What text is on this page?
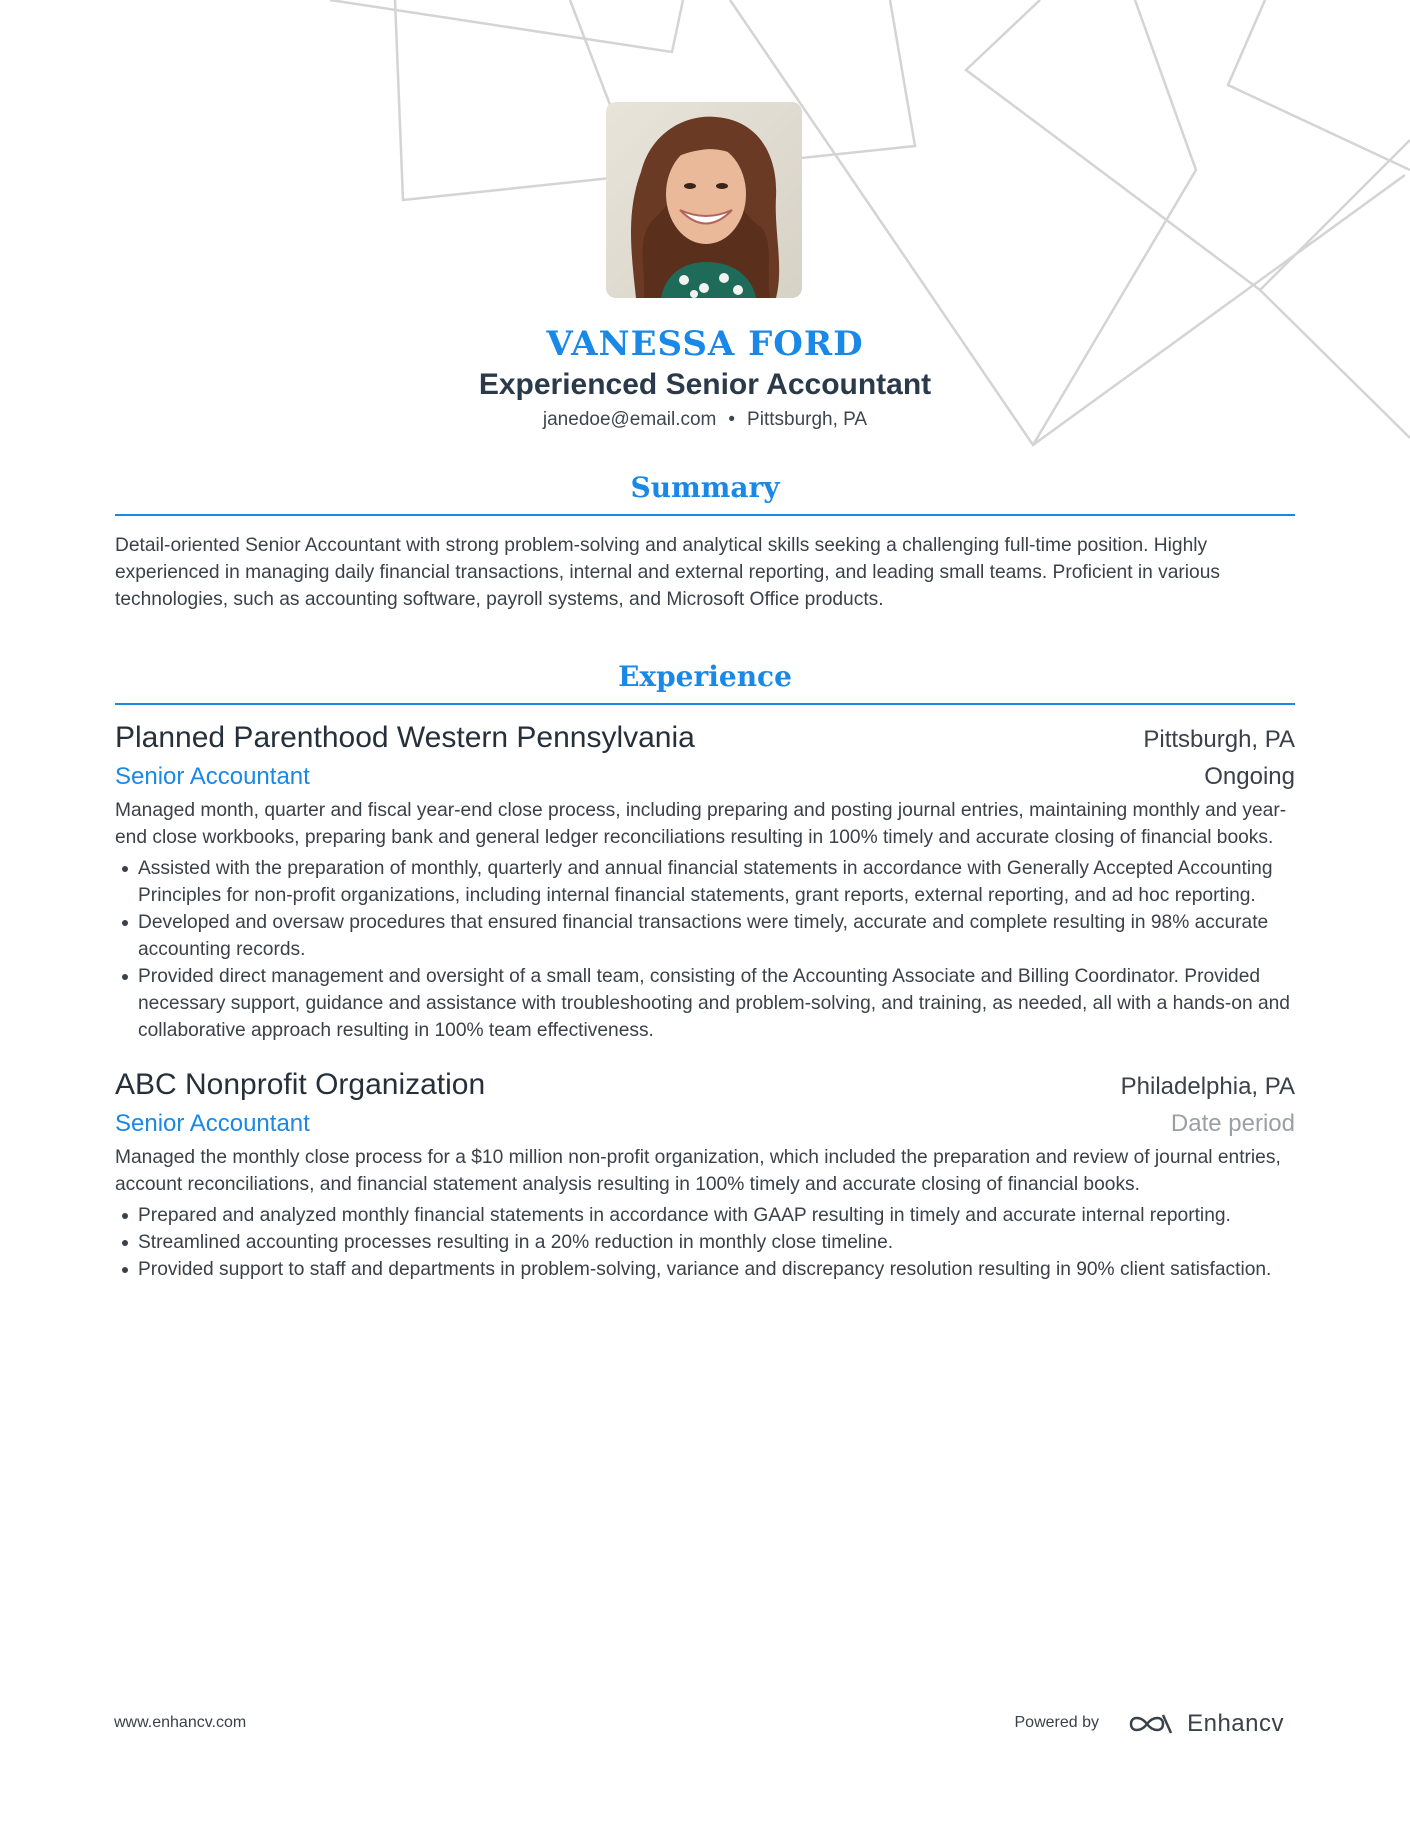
VANESSA FORD
Experienced Senior Accountant
janedoe@email.com • Pittsburgh, PA
Summary

Detail-oriented Senior Accountant with strong problem-solving and analytical skills seeking a challenging full-time position. Highly experienced in managing daily financial transactions, internal and external reporting, and leading small teams. Proficient in various technologies, such as accounting software, payroll systems, and Microsoft Office products.

Experience
Planned Parenthood Western Pennsylvania	Pittsburgh, PA
Senior Accountant	Ongoing
Managed month, quarter and fiscal year-end close process, including preparing and posting journal entries, maintaining monthly and year-end close workbooks, preparing bank and general ledger reconciliations resulting in 100% timely and accurate closing of financial books.
Assisted with the preparation of monthly, quarterly and annual financial statements in accordance with Generally Accepted Accounting Principles for non-profit organizations, including internal financial statements, grant reports, external reporting, and ad hoc reporting.
Developed and oversaw procedures that ensured financial transactions were timely, accurate and complete resulting in 98% accurate accounting records.
Provided direct management and oversight of a small team, consisting of the Accounting Associate and Billing Coordinator. Provided necessary support, guidance and assistance with troubleshooting and problem-solving, and training, as needed, all with a hands-on and collaborative approach resulting in 100% team effectiveness.
ABC Nonprofit Organization	Philadelphia, PA
Senior Accountant	Date period
Managed the monthly close process for a $10 million non-profit organization, which included the preparation and review of journal entries, account reconciliations, and financial statement analysis resulting in 100% timely and accurate closing of financial books.
Prepared and analyzed monthly financial statements in accordance with GAAP resulting in timely and accurate internal reporting.
Streamlined accounting processes resulting in a 20% reduction in monthly close timeline.
Provided support to staff and departments in problem-solving, variance and discrepancy resolution resulting in 90% client satisfaction.
www.enhancv.com	Powered by	Enhancv
